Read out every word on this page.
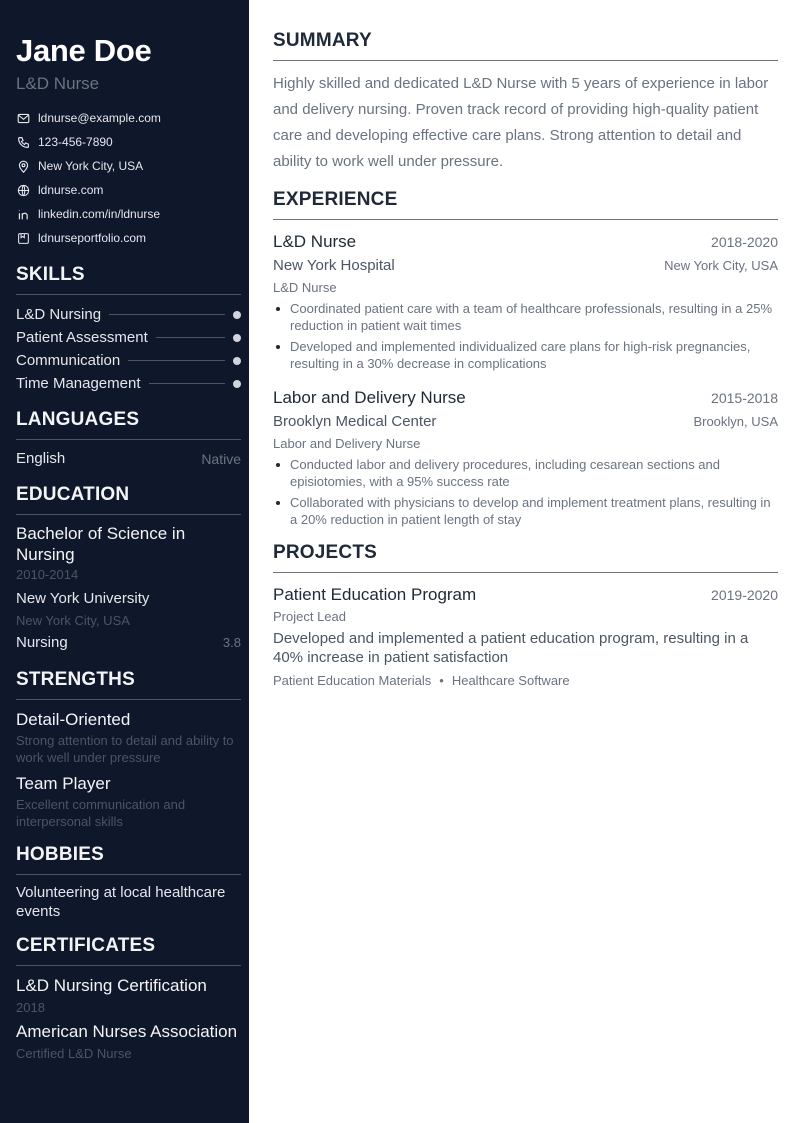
Jane Doe
L&D Nurse
ldnurse@example.com
123-456-7890
New York City, USA
ldnurse.com
linkedin.com/in/ldnurse
ldnurseportfolio.com
SKILLS
L&D Nursing
Patient Assessment
Communication
Time Management
LANGUAGES
English	Native
EDUCATION
Bachelor of Science in Nursing
2010-2014
New York University
New York City, USA
Nursing	3.8
STRENGTHS
Detail-Oriented
Strong attention to detail and ability to work well under pressure
Team Player
Excellent communication and interpersonal skills
HOBBIES
Volunteering at local healthcare events
CERTIFICATES
L&D Nursing Certification
2018
American Nurses Association
Certified L&D Nurse
SUMMARY

Highly skilled and dedicated L&D Nurse with 5 years of experience in labor and delivery nursing. Proven track record of providing high-quality patient care and developing effective care plans. Strong attention to detail and ability to work well under pressure.

EXPERIENCE
L&D Nurse	2018-2020
New York Hospital	New York City, USA
L&D Nurse
Coordinated patient care with a team of healthcare professionals, resulting in a 25% reduction in patient wait times
Developed and implemented individualized care plans for high-risk pregnancies, resulting in a 30% decrease in complications
Labor and Delivery Nurse	2015-2018
Brooklyn Medical Center	Brooklyn, USA
Labor and Delivery Nurse
Conducted labor and delivery procedures, including cesarean sections and episiotomies, with a 95% success rate
Collaborated with physicians to develop and implement treatment plans, resulting in a 20% reduction in patient length of stay
PROJECTS
Patient Education Program	2019-2020
Project Lead
Developed and implemented a patient education program, resulting in a 40% increase in patient satisfaction
Patient Education Materials • Healthcare Software
